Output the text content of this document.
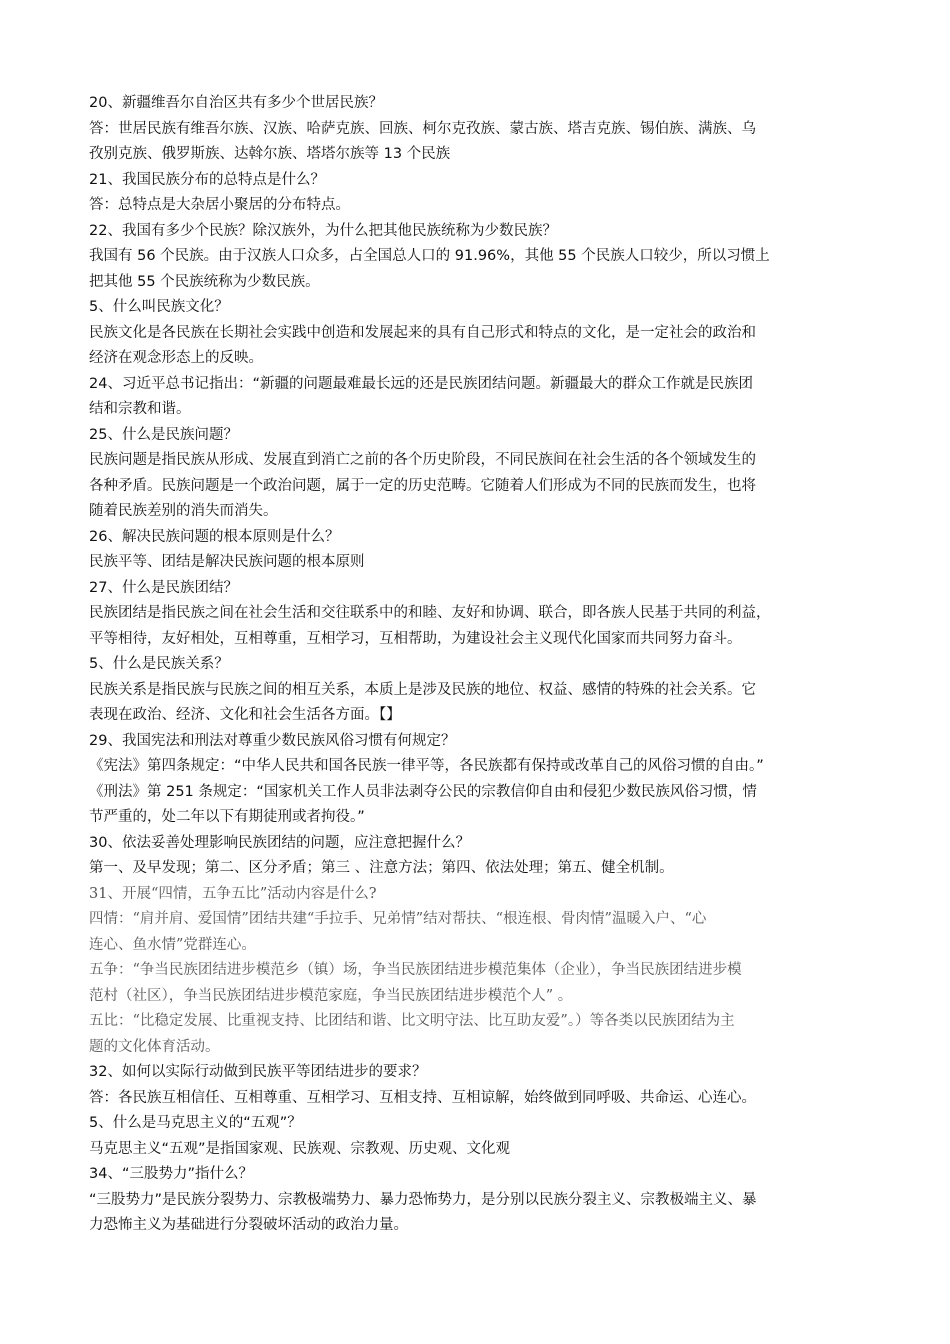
20、新疆维吾尔自治区共有多少个世居民族？
答：世居民族有维吾尔族、汉族、哈萨克族、回族、柯尔克孜族、蒙古族、塔吉克族、锡伯族、满族、乌
孜别克族、俄罗斯族、达斡尔族、塔塔尔族等 13 个民族
21、我国民族分布的总特点是什么？
答：总特点是大杂居小聚居的分布特点。
22、我国有多少个民族？除汉族外，为什么把其他民族统称为少数民族？
我国有 56 个民族。由于汉族人口众多，占全国总人口的 91.96%，其他 55 个民族人口较少，所以习惯上
把其他 55 个民族统称为少数民族。
5、什么叫民族文化？
民族文化是各民族在长期社会实践中创造和发展起来的具有自己形式和特点的文化，是一定社会的政治和
经济在观念形态上的反映。
24、习近平总书记指出：“新疆的问题最难最长远的还是民族团结问题。新疆最大的群众工作就是民族团
结和宗教和谐。
25、什么是民族问题？
民族问题是指民族从形成、发展直到消亡之前的各个历史阶段，不同民族间在社会生活的各个领域发生的
各种矛盾。民族问题是一个政治问题，属于一定的历史范畴。它随着人们形成为不同的民族而发生，也将
随着民族差别的消失而消失。
26、解决民族问题的根本原则是什么？
民族平等、团结是解决民族问题的根本原则
27、什么是民族团结？
民族团结是指民族之间在社会生活和交往联系中的和睦、友好和协调、联合，即各族人民基于共同的利益，
平等相待，友好相处，互相尊重，互相学习，互相帮助，为建设社会主义现代化国家而共同努力奋斗。
5、什么是民族关系？
民族关系是指民族与民族之间的相互关系，本质上是涉及民族的地位、权益、感情的特殊的社会关系。它
表现在政治、经济、文化和社会生活各方面。【】
29、我国宪法和刑法对尊重少数民族风俗习惯有何规定？
《宪法》第四条规定：“中华人民共和国各民族一律平等，各民族都有保持或改革自己的风俗习惯的自由。”
《刑法》第 251 条规定：“国家机关工作人员非法剥夺公民的宗教信仰自由和侵犯少数民族风俗习惯，情
节严重的，处二年以下有期徒刑或者拘役。”
30、依法妥善处理影响民族团结的问题，应注意把握什么？
第一、及早发现；第二、区分矛盾；第三 、注意方法；第四、依法处理；第五、健全机制。
31、开展“四情，五争五比”活动内容是什么?
四情：“肩并肩、爱国情”团结共建“手拉手、兄弟情”结对帮扶、“根连根、骨肉情”温暖入户、“心
连心、鱼水情”党群连心。
五争：“争当民族团结进步模范乡（镇）场，争当民族团结进步模范集体（企业），争当民族团结进步模
范村（社区），争当民族团结进步模范家庭，争当民族团结进步模范个人” 。
五比：“比稳定发展、比重视支持、比团结和谐、比文明守法、比互助友爱”。）等各类以民族团结为主
题的文化体育活动。
32、如何以实际行动做到民族平等团结进步的要求？
答：各民族互相信任、互相尊重、互相学习、互相支持、互相谅解，始终做到同呼吸、共命运、心连心。
5、什么是马克思主义的“五观”？
马克思主义“五观”是指国家观、民族观、宗教观、历史观、文化观
34、“三股势力”指什么？
“三股势力”是民族分裂势力、宗教极端势力、暴力恐怖势力，是分别以民族分裂主义、宗教极端主义、暴
力恐怖主义为基础进行分裂破坏活动的政治力量。
